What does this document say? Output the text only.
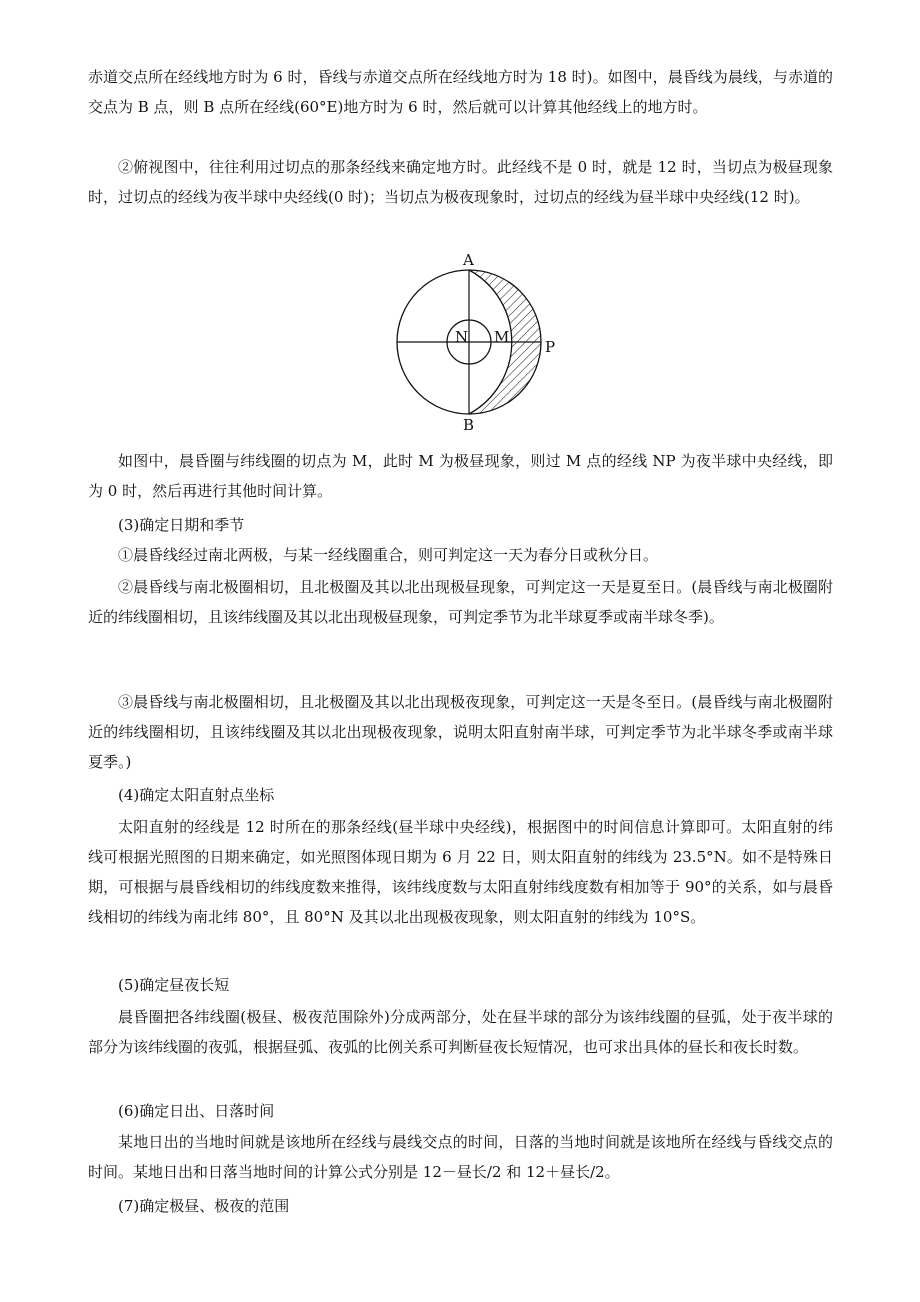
赤道交点所在经线地方时为 6 时，昏线与赤道交点所在经线地方时为 18 时)。如图中，晨昏线为晨线，与赤道的交点为 B 点，则 B 点所在经线(60°E)地方时为 6 时，然后就可以计算其他经线上的地方时。

②俯视图中，往往利用过切点的那条经线来确定地方时。此经线不是 0 时，就是 12 时，当切点为极昼现象时，过切点的经线为夜半球中央经线(0 时)；当切点为极夜现象时，过切点的经线为昼半球中央经线(12 时)。

A
B
N M
P

如图中，晨昏圈与纬线圈的切点为 M，此时 M 为极昼现象，则过 M 点的经线 NP 为夜半球中央经线，即为 0 时，然后再进行其他时间计算。

(3)确定日期和季节

①晨昏线经过南北两极，与某一经线圈重合，则可判定这一天为春分日或秋分日。

②晨昏线与南北极圈相切，且北极圈及其以北出现极昼现象，可判定这一天是夏至日。(晨昏线与南北极圈附近的纬线圈相切，且该纬线圈及其以北出现极昼现象，可判定季节为北半球夏季或南半球冬季)。

③晨昏线与南北极圈相切，且北极圈及其以北出现极夜现象，可判定这一天是冬至日。(晨昏线与南北极圈附近的纬线圈相切，且该纬线圈及其以北出现极夜现象，说明太阳直射南半球，可判定季节为北半球冬季或南半球夏季。)

(4)确定太阳直射点坐标

太阳直射的经线是 12 时所在的那条经线(昼半球中央经线)，根据图中的时间信息计算即可。太阳直射的纬线可根据光照图的日期来确定，如光照图体现日期为 6 月 22 日，则太阳直射的纬线为 23.5°N。如不是特殊日期，可根据与晨昏线相切的纬线度数来推得，该纬线度数与太阳直射纬线度数有相加等于 90°的关系，如与晨昏线相切的纬线为南北纬 80°，且 80°N 及其以北出现极夜现象，则太阳直射的纬线为 10°S。

(5)确定昼夜长短

晨昏圈把各纬线圈(极昼、极夜范围除外)分成两部分，处在昼半球的部分为该纬线圈的昼弧，处于夜半球的部分为该纬线圈的夜弧，根据昼弧、夜弧的比例关系可判断昼夜长短情况，也可求出具体的昼长和夜长时数。

(6)确定日出、日落时间

某地日出的当地时间就是该地所在经线与晨线交点的时间，日落的当地时间就是该地所在经线与昏线交点的时间。某地日出和日落当地时间的计算公式分别是 12－昼长/2 和 12＋昼长/2。

(7)确定极昼、极夜的范围
